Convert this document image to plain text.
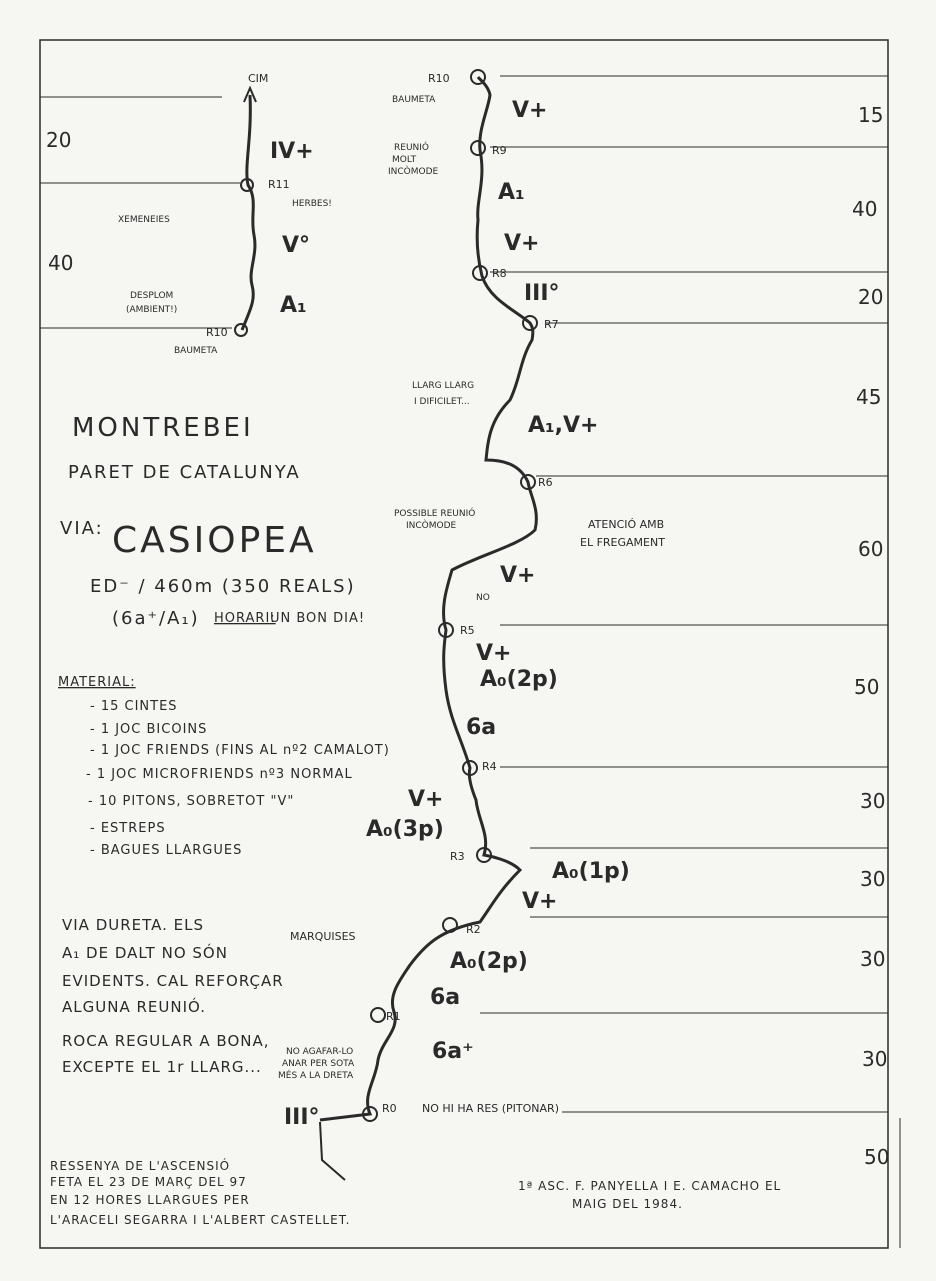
CIM
IV+
V°
A₁
20
40
R11
R10
HERBES!
XEMENEIES
DESPLOM
(AMBIENT!)
BAUMETA
R10
R9
R8
R7
R6
R5
R4
R3
R2
R1
R0
V+
A₁
V+
III°
A₁,V+
V+
V+
A₀(2p)
6a
V+
A₀(3p)
A₀(1p)
V+
A₀(2p)
6a
6a⁺
III°
15
40
20
45
60
50
30
30
30
30
50
BAUMETA
REUNIÓ
MOLT
INCÒMODE
LLARG LLARG
I DIFICILET...
POSSIBLE REUNIÓ
INCÒMODE	ATENCIÓ AMB
EL FREGAMENT
NO
MARQUISES
NO AGAFAR-LO
ANAR PER SOTA
MÉS A LA DRETA
NO HI HA RES (PITONAR)
MONTREBEI
PARET DE CATALUNYA
VIA: CASIOPEA
ED⁻ / 460m (350 REALS)
(6a⁺/A₁) HORARI:
UN BON DIA!
MATERIAL:
- 15 CINTES
- 1 JOC BICOINS
- 1 JOC FRIENDS (FINS AL nº2 CAMALOT)
- 1 JOC MICROFRIENDS nº3 NORMAL
- 10 PITONS, SOBRETOT "V"
- ESTREPS
- BAGUES LLARGUES
VIA DURETA. ELS
A₁ DE DALT NO SÓN
EVIDENTS. CAL REFORÇAR
ALGUNA REUNIÓ.
ROCA REGULAR A BONA,
EXCEPTE EL 1r LLARG...
RESSENYA DE L'ASCENSIÓ
FETA EL 23 DE MARÇ DEL 97
EN 12 HORES LLARGUES PER
L'ARACELI SEGARRA I L'ALBERT CASTELLET.
1ª ASC. F. PANYELLA I E. CAMACHO EL
MAIG DEL 1984.
